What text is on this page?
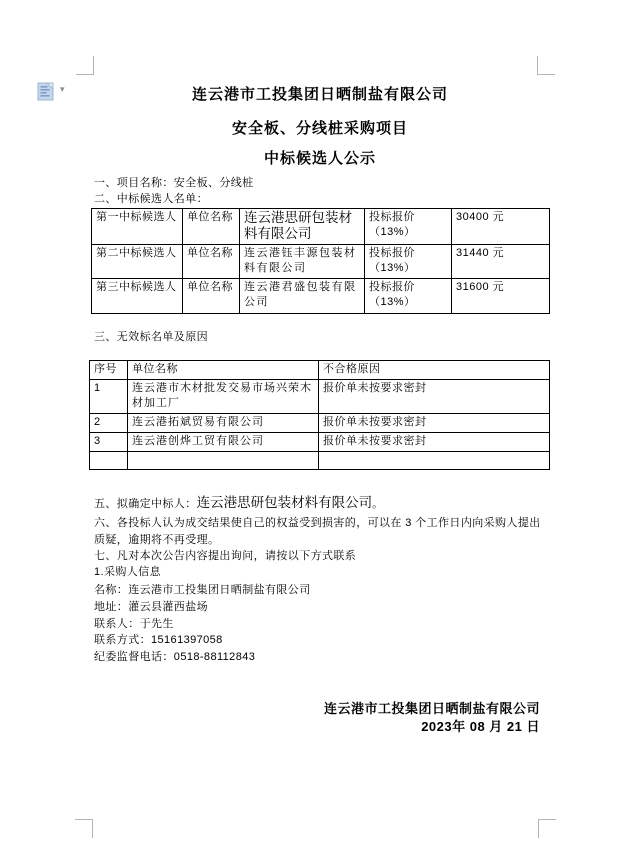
▾	连云港市工投集团日晒制盐有限公司
安全板、分线桩采购项目
中标候选人公示
一、项目名称：安全板、分线桩
二、中标候选人名单：
第一中标候选人	单位名称	连云港思研包装材料有限公司	投标报价（13%）	30400 元
第二中标候选人	单位名称	连云港钰丰源包装材料有限公司	投标报价（13%）	31440 元
第三中标候选人	单位名称	连云港君盛包装有限公司	投标报价（13%）	31600 元
三、无效标名单及原因
序号	单位名称	不合格原因
1	连云港市木材批发交易市场兴荣木材加工厂	报价单未按要求密封
2	连云港拓斌贸易有限公司	报价单未按要求密封
3	连云港创烨工贸有限公司	报价单未按要求密封

五、拟确定中标人：连云港思研包装材料有限公司。
六、各投标人认为成交结果使自己的权益受到损害的，可以在 3 个工作日内向采购人提出质疑，逾期将不再受理。
七、凡对本次公告内容提出询问，请按以下方式联系
1.采购人信息
名称：连云港市工投集团日晒制盐有限公司
地址：灌云县灌西盐场
联系人：于先生
联系方式：15161397058
纪委监督电话：0518-88112843
连云港市工投集团日晒制盐有限公司
2023年 08 月 21 日
